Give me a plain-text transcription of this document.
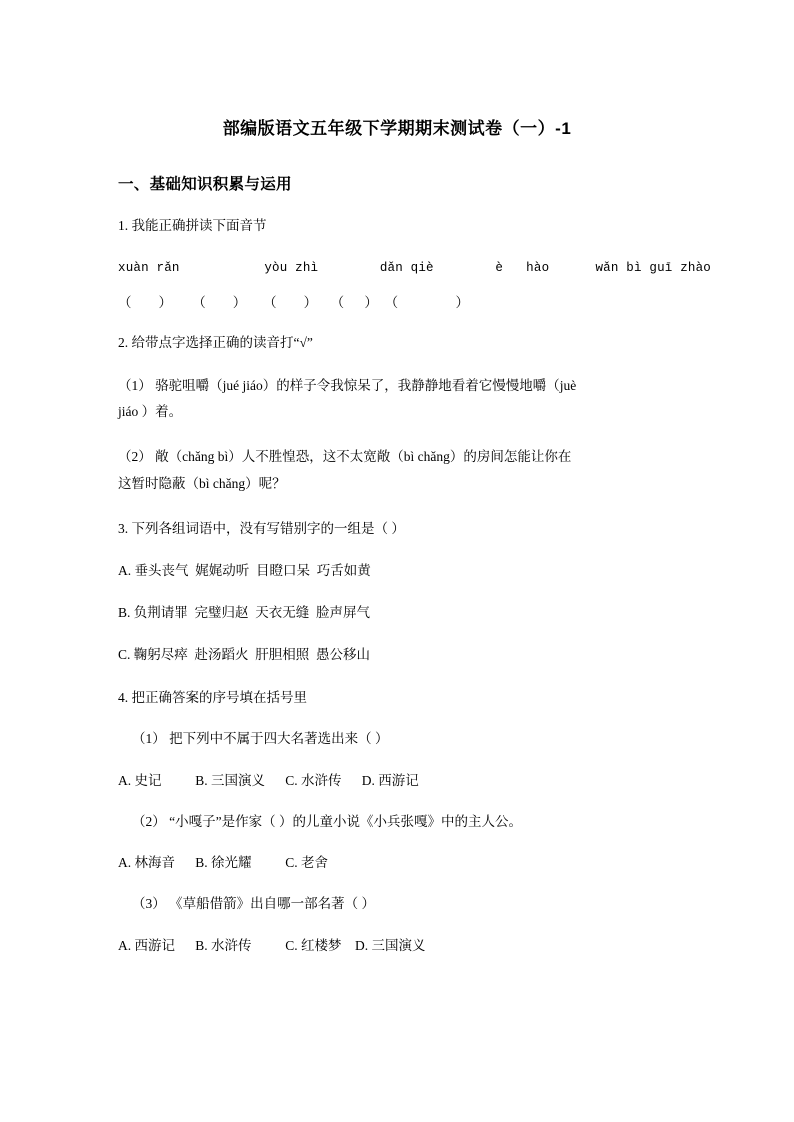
部编版语文五年级下学期期末测试卷（一）-1
一、基础知识积累与运用

1. 我能正确拼读下面音节

xuàn rǎn           yòu zhì        dǎn qiè        è   hào      wǎn bì guī zhào

（        ）      （        ）     （        ）    （      ）  （                 ）

2. 给带点字选择正确的读音打“√”

（1） 骆驼咀嚼（jué jiáo）的样子令我惊呆了，我静静地看着它慢慢地嚼（juè
jiáo ）着。

（2） 敞（chǎng bì）人不胜惶恐，这不太宽敞（bì chǎng）的房间怎能让你在
这暂时隐蔽（bì chǎng）呢？

3. 下列各组词语中，没有写错别字的一组是（ ）

A. 垂头丧气  娓娓动听  目瞪口呆  巧舌如黄

B. 负荆请罪  完璧归赵  天衣无缝  脸声屏气

C. 鞠躬尽瘁  赴汤蹈火  肝胆相照  愚公移山

4. 把正确答案的序号填在括号里

（1） 把下列中不属于四大名著选出来（ ）

A. 史记          B. 三国演义      C. 水浒传      D. 西游记

（2） “小嘎子”是作家（ ）的儿童小说《小兵张嘎》中的主人公。

A. 林海音      B. 徐光耀          C. 老舍

（3） 《草船借箭》出自哪一部名著（ ）

A. 西游记      B. 水浒传          C. 红楼梦    D. 三国演义
